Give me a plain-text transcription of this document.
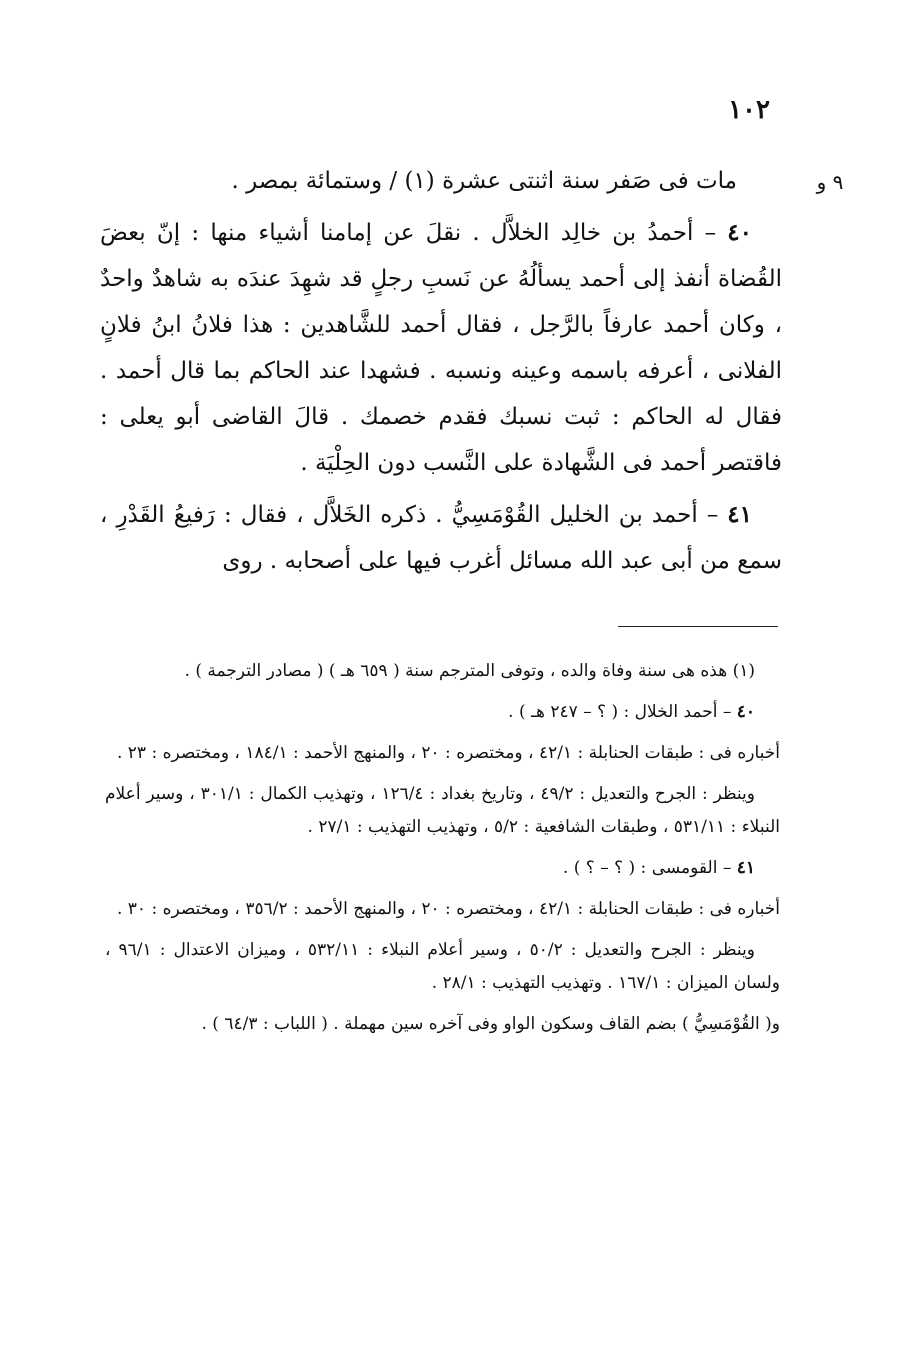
١٠٢
٩ و

مات فى صَفر سنة اثنتى عشرة (١) / وستمائة بمصر .

٤٠ – أحمدُ بن خالِد الخلاَّل . نقلَ عن إمامنا أشياء منها : إنّ بعضَ القُضاة أنفذ إلى أحمد يسألُهُ عن نَسبِ رجلٍ قد شهِدَ عندَه به شاهدٌ واحدٌ ، وكان أحمد عارفاً بالرَّجل ، فقال أحمد للشَّاهدين : هذا فلانُ ابنُ فلانٍ الفلانى ، أعرفه باسمه وعينه ونسبه . فشهدا عند الحاكم بما قال أحمد . فقال له الحاكم : ثبت نسبك فقدم خصمك . قالَ القاضى أبو يعلى : فاقتصر أحمد فى الشَّهادة على النَّسب دون الحِلْيَة .

٤١ – أحمد بن الخليل القُوْمَسِيُّ . ذكره الخَلاَّل ، فقال : رَفيعُ القَدْرِ ، سمع من أبى عبد الله مسائل أغرب فيها على أصحابه . روى

(١) هذه هى سنة وفاة والده ، وتوفى المترجم سنة ( ٦٥٩ هـ ) ( مصادر الترجمة ) .

٤٠ – أحمد الخلال : ( ؟ – ٢٤٧ هـ ) .

أخباره فى : طبقات الحنابلة : ٤٢/١ ، ومختصره : ٢٠ ، والمنهج الأحمد : ١٨٤/١ ، ومختصره : ٢٣ .

وينظر : الجرح والتعديل : ٤٩/٢ ، وتاريخ بغداد : ١٢٦/٤ ، وتهذيب الكمال : ٣٠١/١ ، وسير أعلام النبلاء : ٥٣١/١١ ، وطبقات الشافعية : ٥/٢ ، وتهذيب التهذيب : ٢٧/١ .

٤١ – القومسى : ( ؟ – ؟ ) .

أخباره فى : طبقات الحنابلة : ٤٢/١ ، ومختصره : ٢٠ ، والمنهج الأحمد : ٣٥٦/٢ ، ومختصره : ٣٠ .

وينظر : الجرح والتعديل : ٥٠/٢ ، وسير أعلام النبلاء : ٥٣٢/١١ ، وميزان الاعتدال : ٩٦/١ ، ولسان الميزان : ١٦٧/١ . وتهذيب التهذيب : ٢٨/١ .

و( القُوْمَسِيُّ ) بضم القاف وسكون الواو وفى آخره سين مهملة . ( اللباب : ٦٤/٣ ) .
